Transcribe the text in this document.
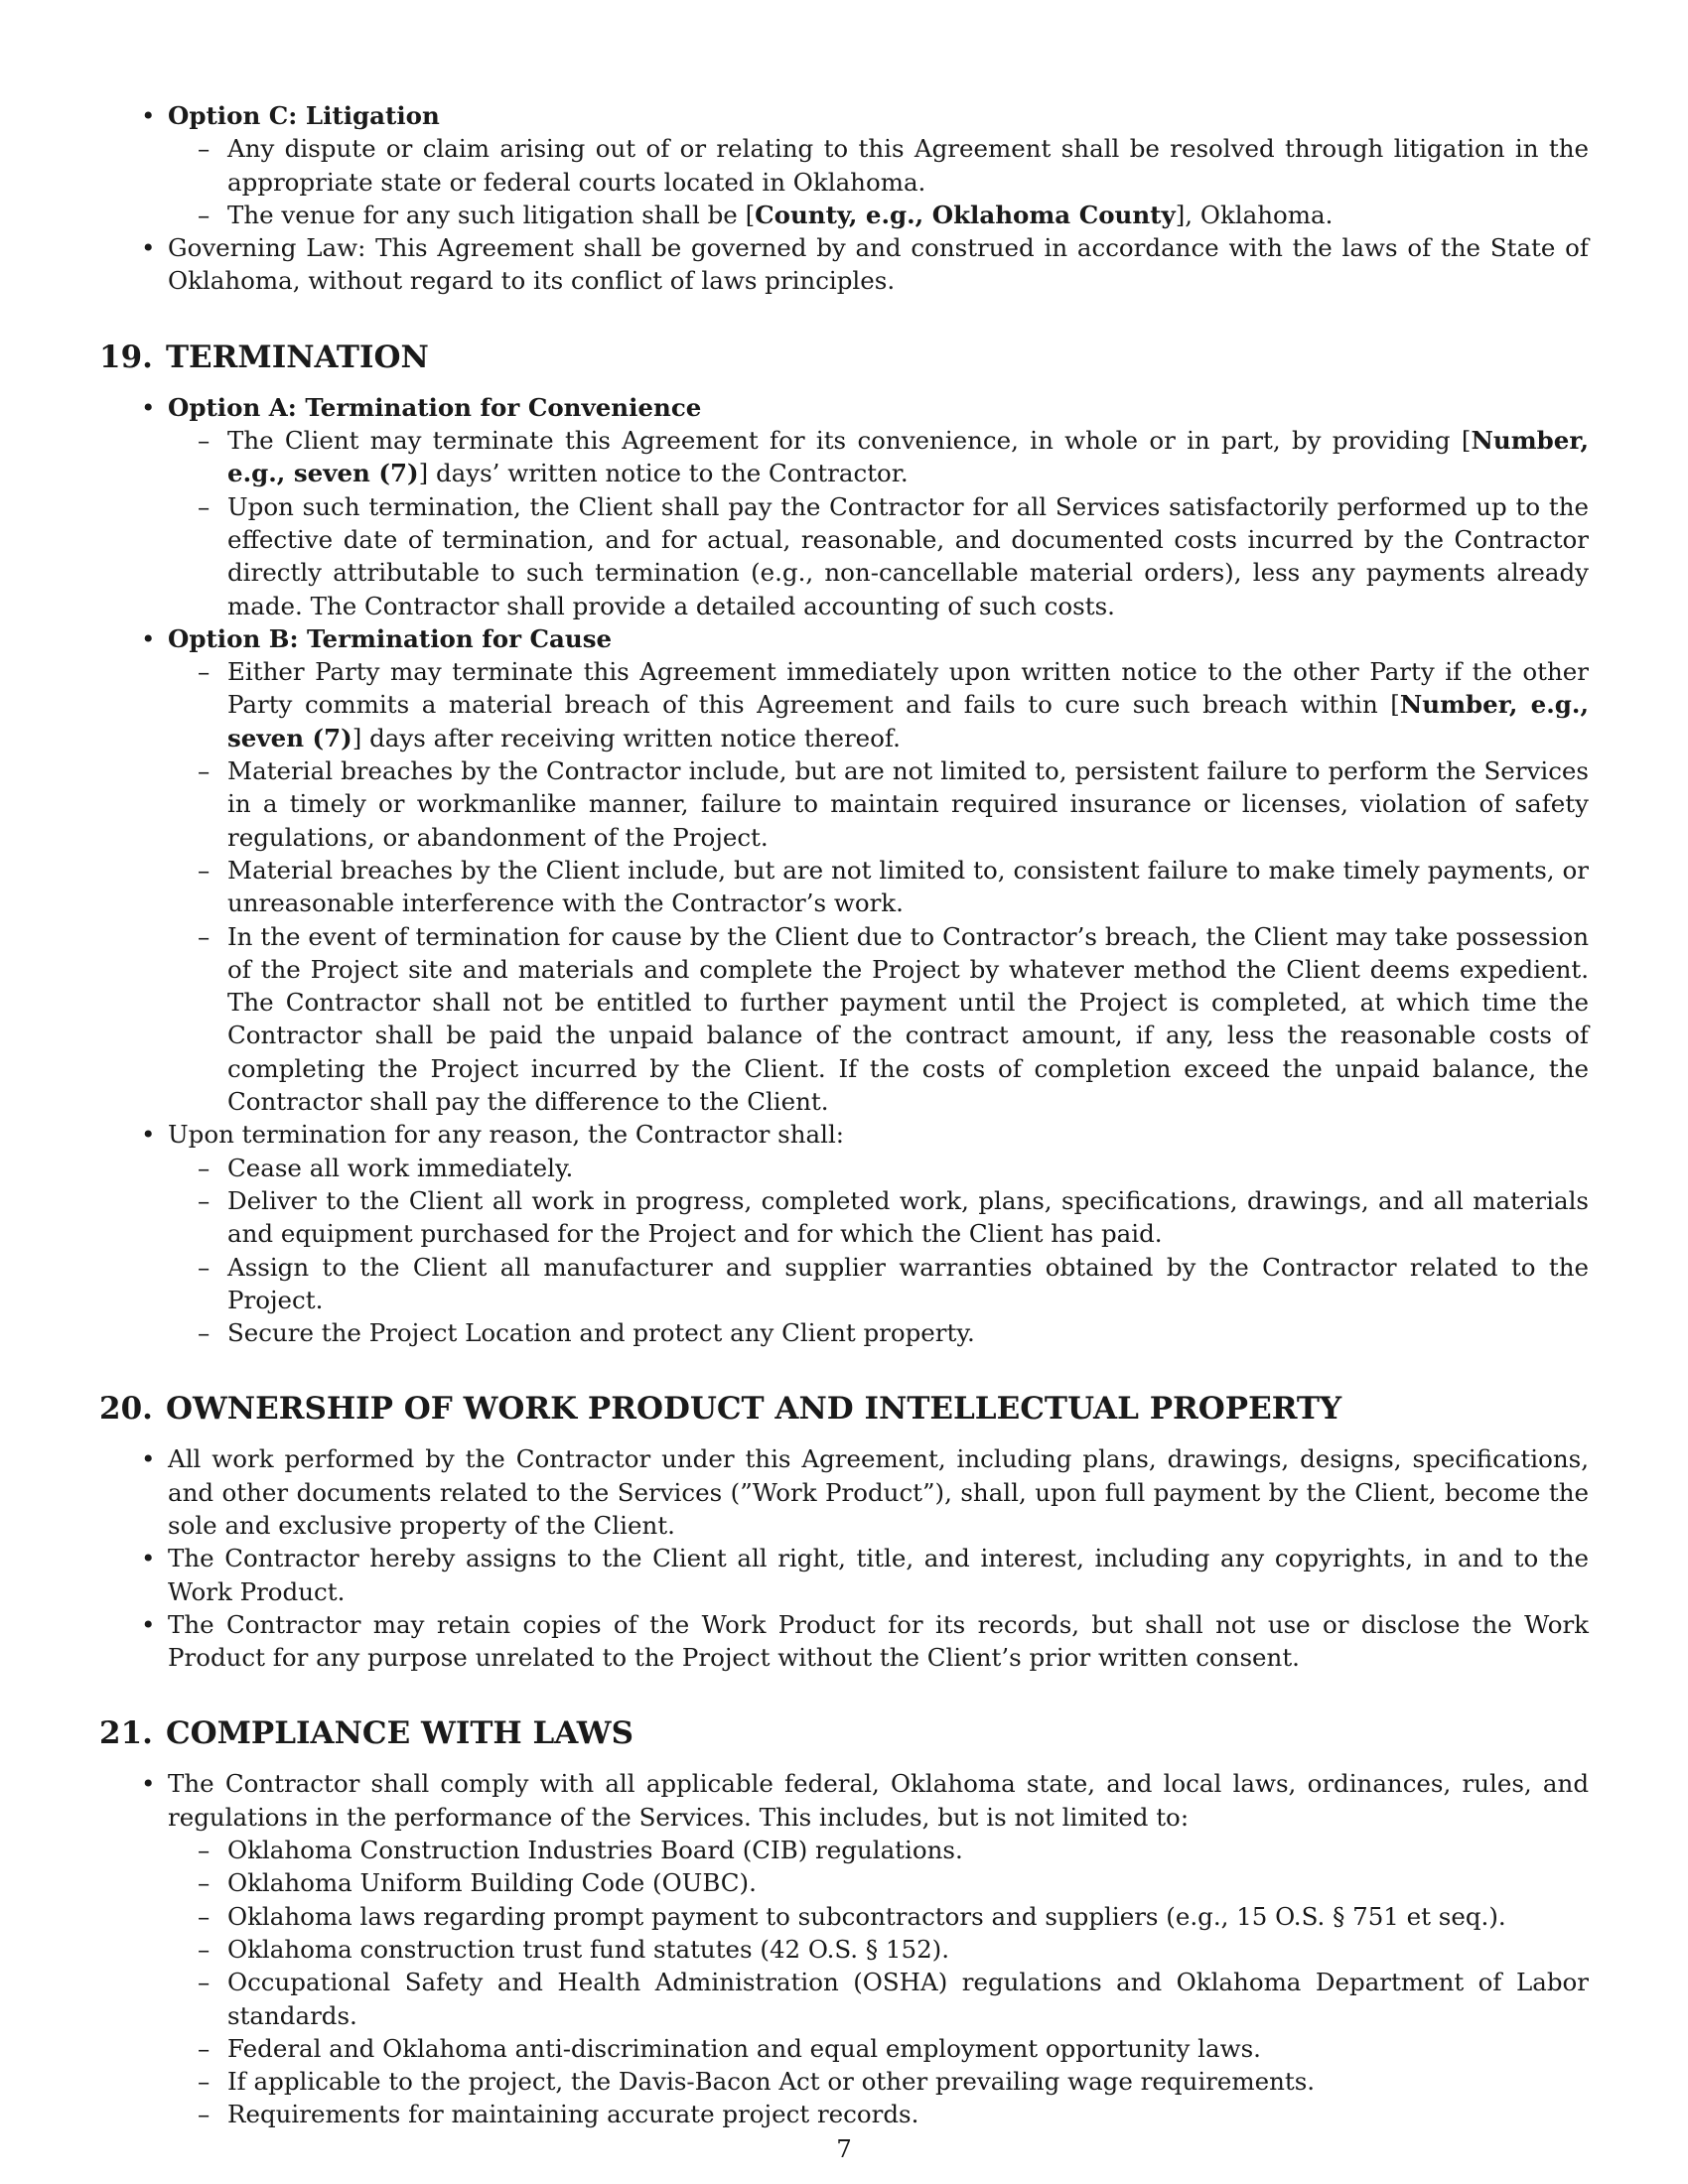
• Option C: Litigation
– Any dispute or claim arising out of or relating to this Agreement shall be resolved through litigation in the appropriate state or federal courts located in Oklahoma.
– The venue for any such litigation shall be [County, e.g., Oklahoma County], Oklahoma.
• Governing Law: This Agreement shall be governed by and construed in accordance with the laws of the State of Oklahoma, without regard to its conflict of laws principles.
19. TERMINATION
• Option A: Termination for Convenience
– The Client may terminate this Agreement for its convenience, in whole or in part, by providing [Number, e.g., seven (7)] days’ written notice to the Contractor.
– Upon such termination, the Client shall pay the Contractor for all Services satisfactorily performed up to the effective date of termination, and for actual, reasonable, and documented costs incurred by the Contractor directly attributable to such termination (e.g., non-cancellable material orders), less any payments already made. The Contractor shall provide a detailed accounting of such costs.
• Option B: Termination for Cause
– Either Party may terminate this Agreement immediately upon written notice to the other Party if the other Party commits a material breach of this Agreement and fails to cure such breach within [Number, e.g., seven (7)] days after receiving written notice thereof.
– Material breaches by the Contractor include, but are not limited to, persistent failure to perform the Services in a timely or workmanlike manner, failure to maintain required insurance or licenses, violation of safety regulations, or abandonment of the Project.
– Material breaches by the Client include, but are not limited to, consistent failure to make timely payments, or unreasonable interference with the Contractor’s work.
– In the event of termination for cause by the Client due to Contractor’s breach, the Client may take possession of the Project site and materials and complete the Project by whatever method the Client deems expedient. The Contractor shall not be entitled to further payment until the Project is completed, at which time the Contractor shall be paid the unpaid balance of the contract amount, if any, less the reasonable costs of completing the Project incurred by the Client. If the costs of completion exceed the unpaid balance, the Contractor shall pay the difference to the Client.
• Upon termination for any reason, the Contractor shall:
– Cease all work immediately.
– Deliver to the Client all work in progress, completed work, plans, specifications, drawings, and all materials and equipment purchased for the Project and for which the Client has paid.
– Assign to the Client all manufacturer and supplier warranties obtained by the Contractor related to the Project.
– Secure the Project Location and protect any Client property.
20. OWNERSHIP OF WORK PRODUCT AND INTELLECTUAL PROPERTY
• All work performed by the Contractor under this Agreement, including plans, drawings, designs, specifications, and other documents related to the Services (”Work Product”), shall, upon full payment by the Client, become the sole and exclusive property of the Client.
• The Contractor hereby assigns to the Client all right, title, and interest, including any copyrights, in and to the Work Product.
• The Contractor may retain copies of the Work Product for its records, but shall not use or disclose the Work Product for any purpose unrelated to the Project without the Client’s prior written consent.
21. COMPLIANCE WITH LAWS
• The Contractor shall comply with all applicable federal, Oklahoma state, and local laws, ordinances, rules, and regulations in the performance of the Services. This includes, but is not limited to:
– Oklahoma Construction Industries Board (CIB) regulations.
– Oklahoma Uniform Building Code (OUBC).
– Oklahoma laws regarding prompt payment to subcontractors and suppliers (e.g., 15 O.S. § 751 et seq.).
– Oklahoma construction trust fund statutes (42 O.S. § 152).
– Occupational Safety and Health Administration (OSHA) regulations and Oklahoma Department of Labor standards.
– Federal and Oklahoma anti-discrimination and equal employment opportunity laws.
– If applicable to the project, the Davis-Bacon Act or other prevailing wage requirements.
– Requirements for maintaining accurate project records.
7
